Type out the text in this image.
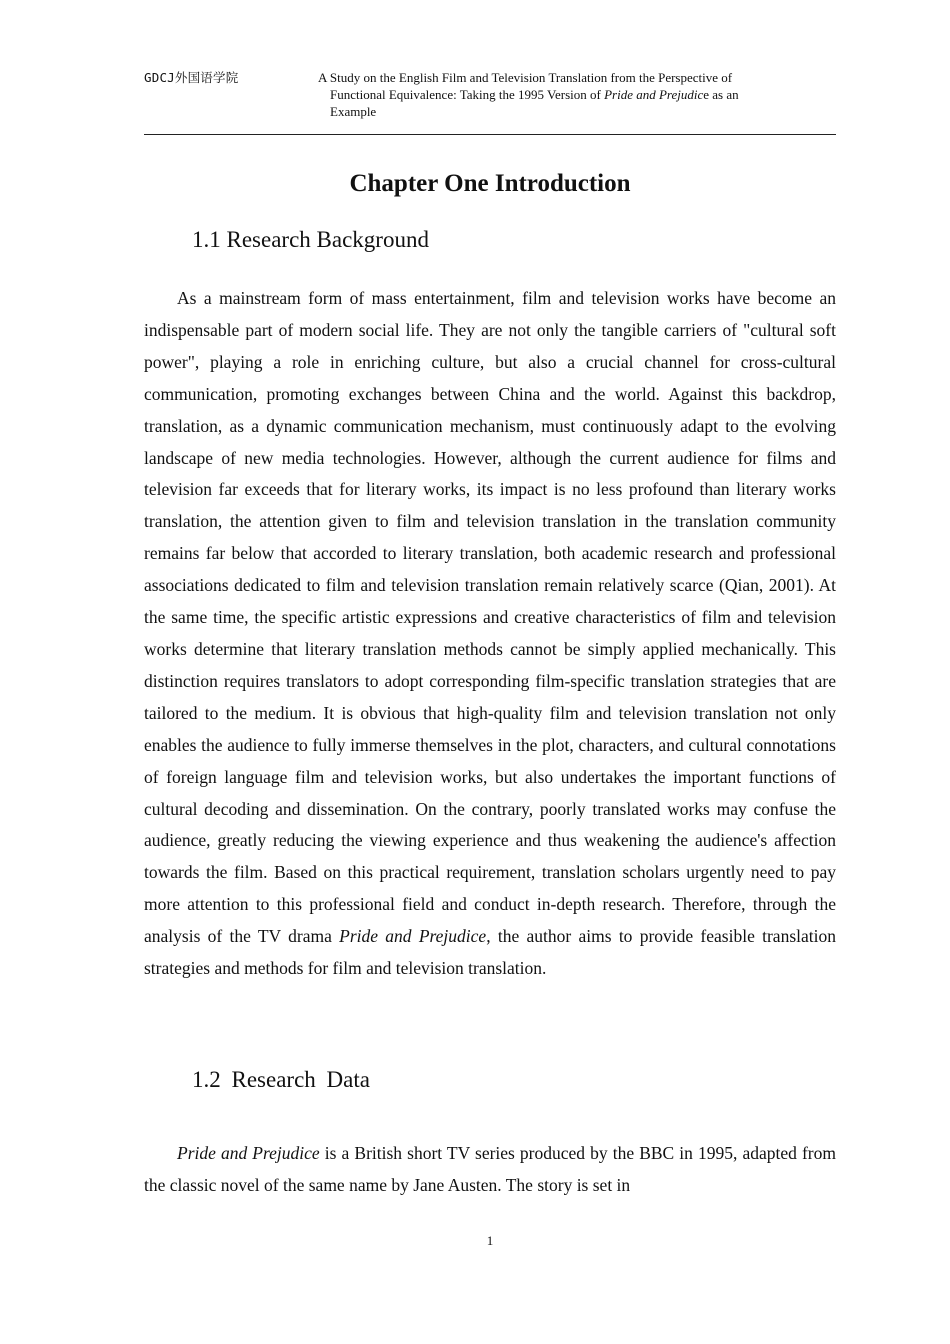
GDCJ外国语学院	A Study on the English Film and Television Translation from the Perspective of
Functional Equivalence: Taking the 1995 Version of Pride and Prejudice as an
Example
Chapter One Introduction
1.1 Research Background

As a mainstream form of mass entertainment, film and television works have become an indispensable part of modern social life. They are not only the tangible carriers of "cultural soft power", playing a role in enriching culture, but also a crucial channel for cross-cultural communication, promoting exchanges between China and the world. Against this backdrop, translation, as a dynamic communication mechanism, must continuously adapt to the evolving landscape of new media technologies. However, although the current audience for films and television far exceeds that for literary works, its impact is no less profound than literary works translation, the attention given to film and television translation in the translation community remains far below that accorded to literary translation, both academic research and professional associations dedicated to film and television translation remain relatively scarce (Qian, 2001). At the same time, the specific artistic expressions and creative characteristics of film and television works determine that literary translation methods cannot be simply applied mechanically. This distinction requires translators to adopt corresponding film-specific translation strategies that are tailored to the medium. It is obvious that high-quality film and television translation not only enables the audience to fully immerse themselves in the plot, characters, and cultural connotations of foreign language film and television works, but also undertakes the important functions of cultural decoding and dissemination. On the contrary, poorly translated works may confuse the audience, greatly reducing the viewing experience and thus weakening the audience's affection towards the film. Based on this practical requirement, translation scholars urgently need to pay more attention to this professional field and conduct in-depth research. Therefore, through the analysis of the TV drama Pride and Prejudice, the author aims to provide feasible translation strategies and methods for film and television translation.

1.2 Research Data

Pride and Prejudice is a British short TV series produced by the BBC in 1995, adapted from the classic novel of the same name by Jane Austen. The story is set in

1
